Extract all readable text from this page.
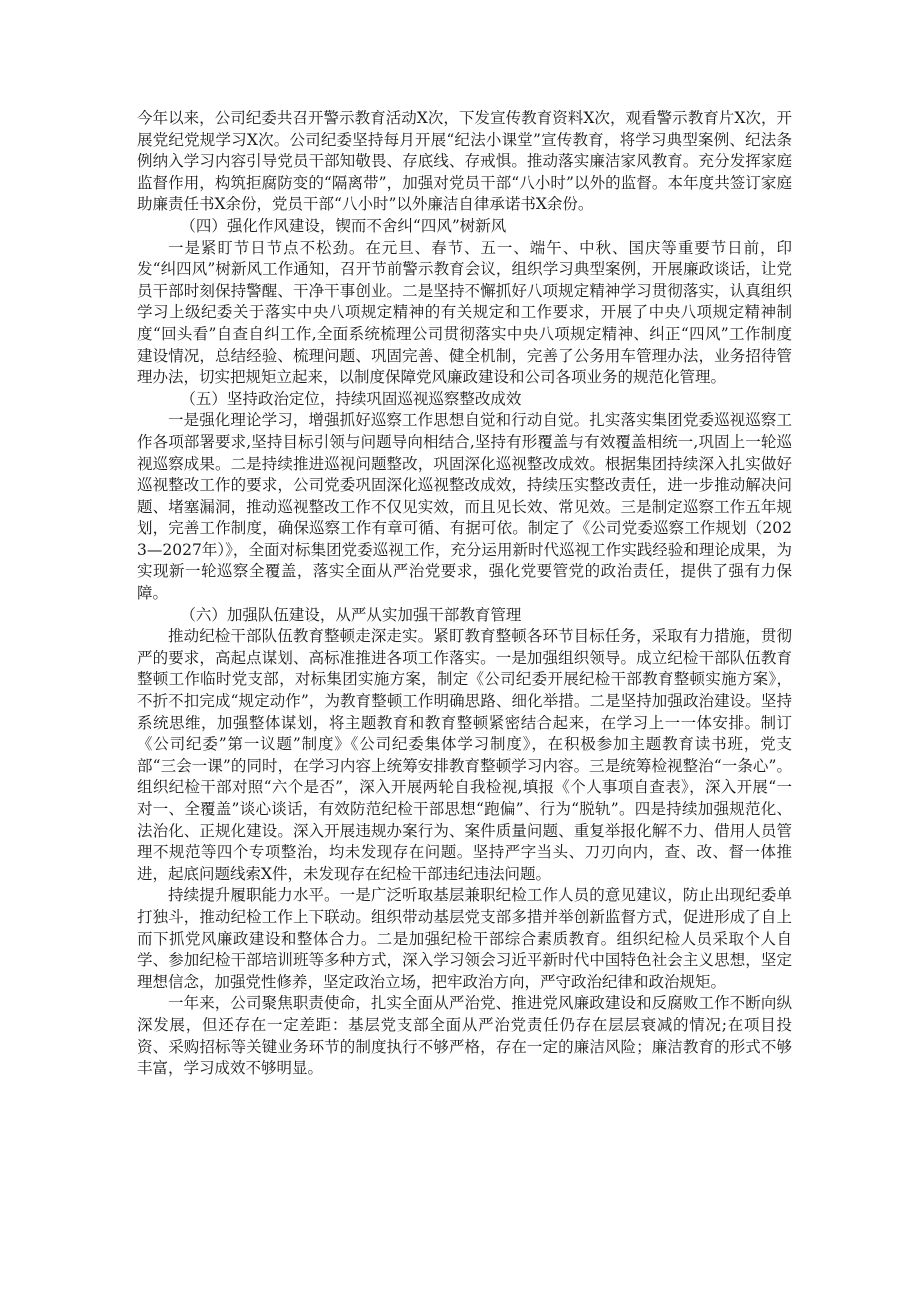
今年以来，公司纪委共召开警示教育活动X次，下发宣传教育资料X次，观看警示教育片X次，开展党纪党规学习X次。公司纪委坚持每月开展“纪法小课堂”宣传教育，将学习典型案例、纪法条例纳入学习内容引导党员干部知敬畏、存底线、存戒惧。推动落实廉洁家风教育。充分发挥家庭监督作用，构筑拒腐防变的“隔离带”，加强对党员干部“八小时”以外的监督。本年度共签订家庭助廉责任书X余份，党员干部“八小时”以外廉洁自律承诺书X余份。

（四）强化作风建设，锲而不舍纠“四风”树新风

一是紧盯节日节点不松劲。在元旦、春节、五一、端午、中秋、国庆等重要节日前，印发“纠四风”树新风工作通知，召开节前警示教育会议，组织学习典型案例，开展廉政谈话，让党员干部时刻保持警醒、干净干事创业。二是坚持不懈抓好八项规定精神学习贯彻落实，认真组织学习上级纪委关于落实中央八项规定精神的有关规定和工作要求，开展了中央八项规定精神制度“回头看”自查自纠工作,全面系统梳理公司贯彻落实中央八项规定精神、纠正“四风”工作制度建设情况，总结经验、梳理问题、巩固完善、健全机制，完善了公务用车管理办法，业务招待管理办法，切实把规矩立起来，以制度保障党风廉政建设和公司各项业务的规范化管理。

（五）坚持政治定位，持续巩固巡视巡察整改成效

一是强化理论学习，增强抓好巡察工作思想自觉和行动自觉。扎实落实集团党委巡视巡察工作各项部署要求,坚持目标引领与问题导向相结合,坚持有形覆盖与有效覆盖相统一,巩固上一轮巡视巡察成果。二是持续推进巡视问题整改，巩固深化巡视整改成效。根据集团持续深入扎实做好巡视整改工作的要求，公司党委巩固深化巡视整改成效，持续压实整改责任，进一步推动解决问题、堵塞漏洞，推动巡视整改工作不仅见实效，而且见长效、常见效。三是制定巡察工作五年规划，完善工作制度，确保巡察工作有章可循、有据可依。制定了《公司党委巡察工作规划（2023—2027年）》，全面对标集团党委巡视工作，充分运用新时代巡视工作实践经验和理论成果，为实现新一轮巡察全覆盖，落实全面从严治党要求，强化党要管党的政治责任，提供了强有力保障。

（六）加强队伍建设，从严从实加强干部教育管理

推动纪检干部队伍教育整顿走深走实。紧盯教育整顿各环节目标任务，采取有力措施，贯彻严的要求，高起点谋划、高标准推进各项工作落实。一是加强组织领导。成立纪检干部队伍教育整顿工作临时党支部，对标集团实施方案，制定《公司纪委开展纪检干部教育整顿实施方案》，不折不扣完成“规定动作”，为教育整顿工作明确思路、细化举措。二是坚持加强政治建设。坚持系统思维，加强整体谋划，将主题教育和教育整顿紧密结合起来，在学习上一一体安排。制订《公司纪委”第一议题”制度》《公司纪委集体学习制度》，在积极参加主题教育读书班，党支部“三会一课”的同时，在学习内容上统筹安排教育整顿学习内容。三是统筹检视整治“一条心”。组织纪检干部对照“六个是否”，深入开展两轮自我检视,填报《个人事项自查表》，深入开展“一对一、全覆盖”谈心谈话，有效防范纪检干部思想“跑偏”、行为“脱轨”。四是持续加强规范化、法治化、正规化建设。深入开展违规办案行为、案件质量问题、重复举报化解不力、借用人员管理不规范等四个专项整治，均未发现存在问题。坚持严字当头、刀刃向内，查、改、督一体推进，起底问题线索X件，未发现存在纪检干部违纪违法问题。

持续提升履职能力水平。一是广泛听取基层兼职纪检工作人员的意见建议，防止出现纪委单打独斗，推动纪检工作上下联动。组织带动基层党支部多措并举创新监督方式，促进形成了自上而下抓党风廉政建设和整体合力。二是加强纪检干部综合素质教育。组织纪检人员采取个人自学、参加纪检干部培训班等多种方式，深入学习领会习近平新时代中国特色社会主义思想，坚定理想信念，加强党性修养，坚定政治立场，把牢政治方向，严守政治纪律和政治规矩。

一年来，公司聚焦职责使命，扎实全面从严治党、推进党风廉政建设和反腐败工作不断向纵深发展，但还存在一定差距：基层党支部全面从严治党责任仍存在层层衰减的情况;在项目投资、采购招标等关键业务环节的制度执行不够严格，存在一定的廉洁风险；廉洁教育的形式不够丰富，学习成效不够明显。
